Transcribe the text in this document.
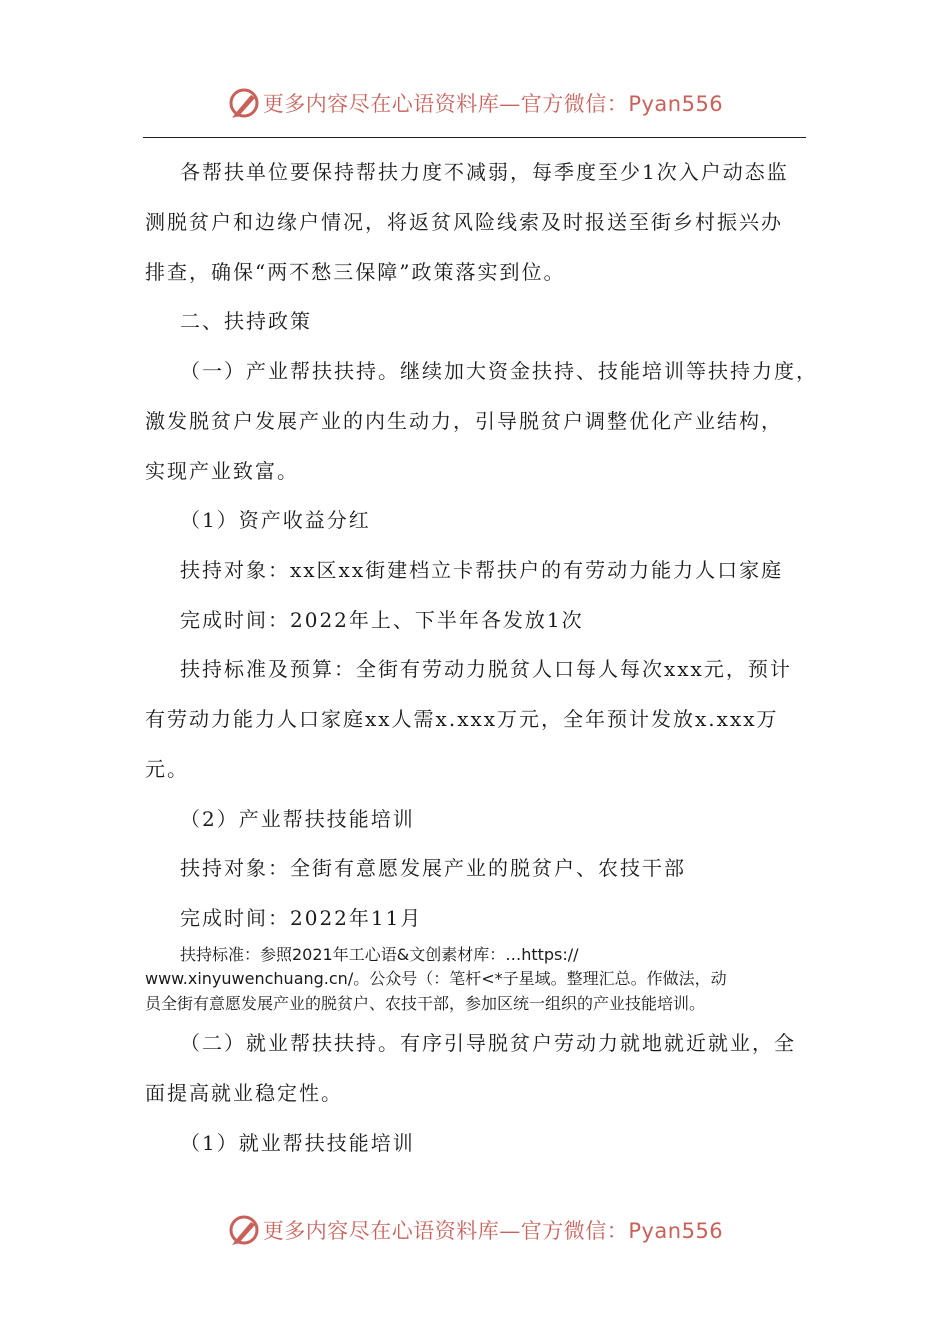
更多内容尽在心语资料库—官方微信：Pyan556
各帮扶单位要保持帮扶力度不减弱，每季度至少1次入户动态监
测脱贫户和边缘户情况，将返贫风险线索及时报送至街乡村振兴办
排查，确保“两不愁三保障”政策落实到位。
二、扶持政策
（一）产业帮扶扶持。继续加大资金扶持、技能培训等扶持力度，
激发脱贫户发展产业的内生动力，引导脱贫户调整优化产业结构，
实现产业致富。
（1）资产收益分红
扶持对象：xx区xx街建档立卡帮扶户的有劳动力能力人口家庭
完成时间：2022年上、下半年各发放1次
扶持标准及预算：全街有劳动力脱贫人口每人每次xxx元，预计
有劳动力能力人口家庭xx人需x.xxx万元，全年预计发放x.xxx万
元。
（2）产业帮扶技能培训
扶持对象：全街有意愿发展产业的脱贫户、农技干部
完成时间：2022年11月
扶持标准：参照2021年工心语&文创素材库：…https://
www.xinyuwenchuang.cn/。公众号（：笔杆<*子星域。整理汇总。作做法，动
员全街有意愿发展产业的脱贫户、农技干部，参加区统一组织的产业技能培训。
（二）就业帮扶扶持。有序引导脱贫户劳动力就地就近就业，全
面提高就业稳定性。
（1）就业帮扶技能培训
更多内容尽在心语资料库—官方微信：Pyan556
